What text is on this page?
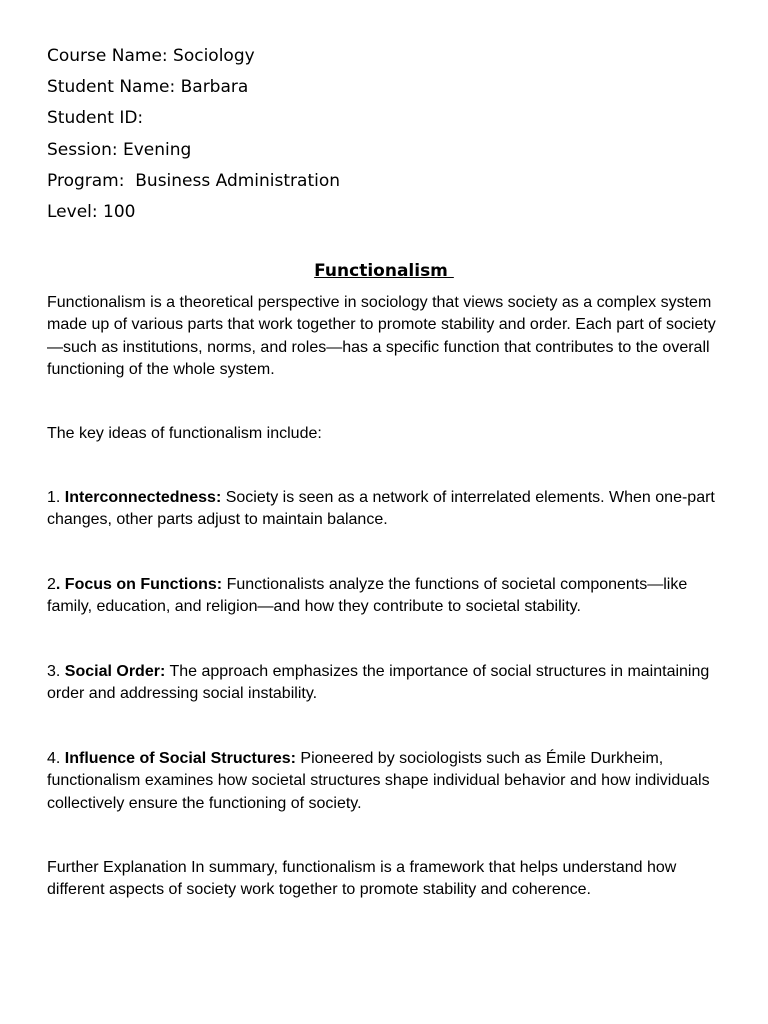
Course Name: Sociology
Student Name: Barbara
Student ID:
Session: Evening
Program:  Business Administration
Level: 100
Functionalism
Functionalism is a theoretical perspective in sociology that views society as a complex system made up of various parts that work together to promote stability and order. Each part of society—such as institutions, norms, and roles—has a specific function that contributes to the overall functioning of the whole system.
The key ideas of functionalism include:
1. Interconnectedness: Society is seen as a network of interrelated elements. When one-part changes, other parts adjust to maintain balance.
2. Focus on Functions: Functionalists analyze the functions of societal components—like family, education, and religion—and how they contribute to societal stability.
3. Social Order: The approach emphasizes the importance of social structures in maintaining order and addressing social instability.
4. Influence of Social Structures: Pioneered by sociologists such as Émile Durkheim, functionalism examines how societal structures shape individual behavior and how individuals collectively ensure the functioning of society.
Further Explanation In summary, functionalism is a framework that helps understand how different aspects of society work together to promote stability and coherence.
